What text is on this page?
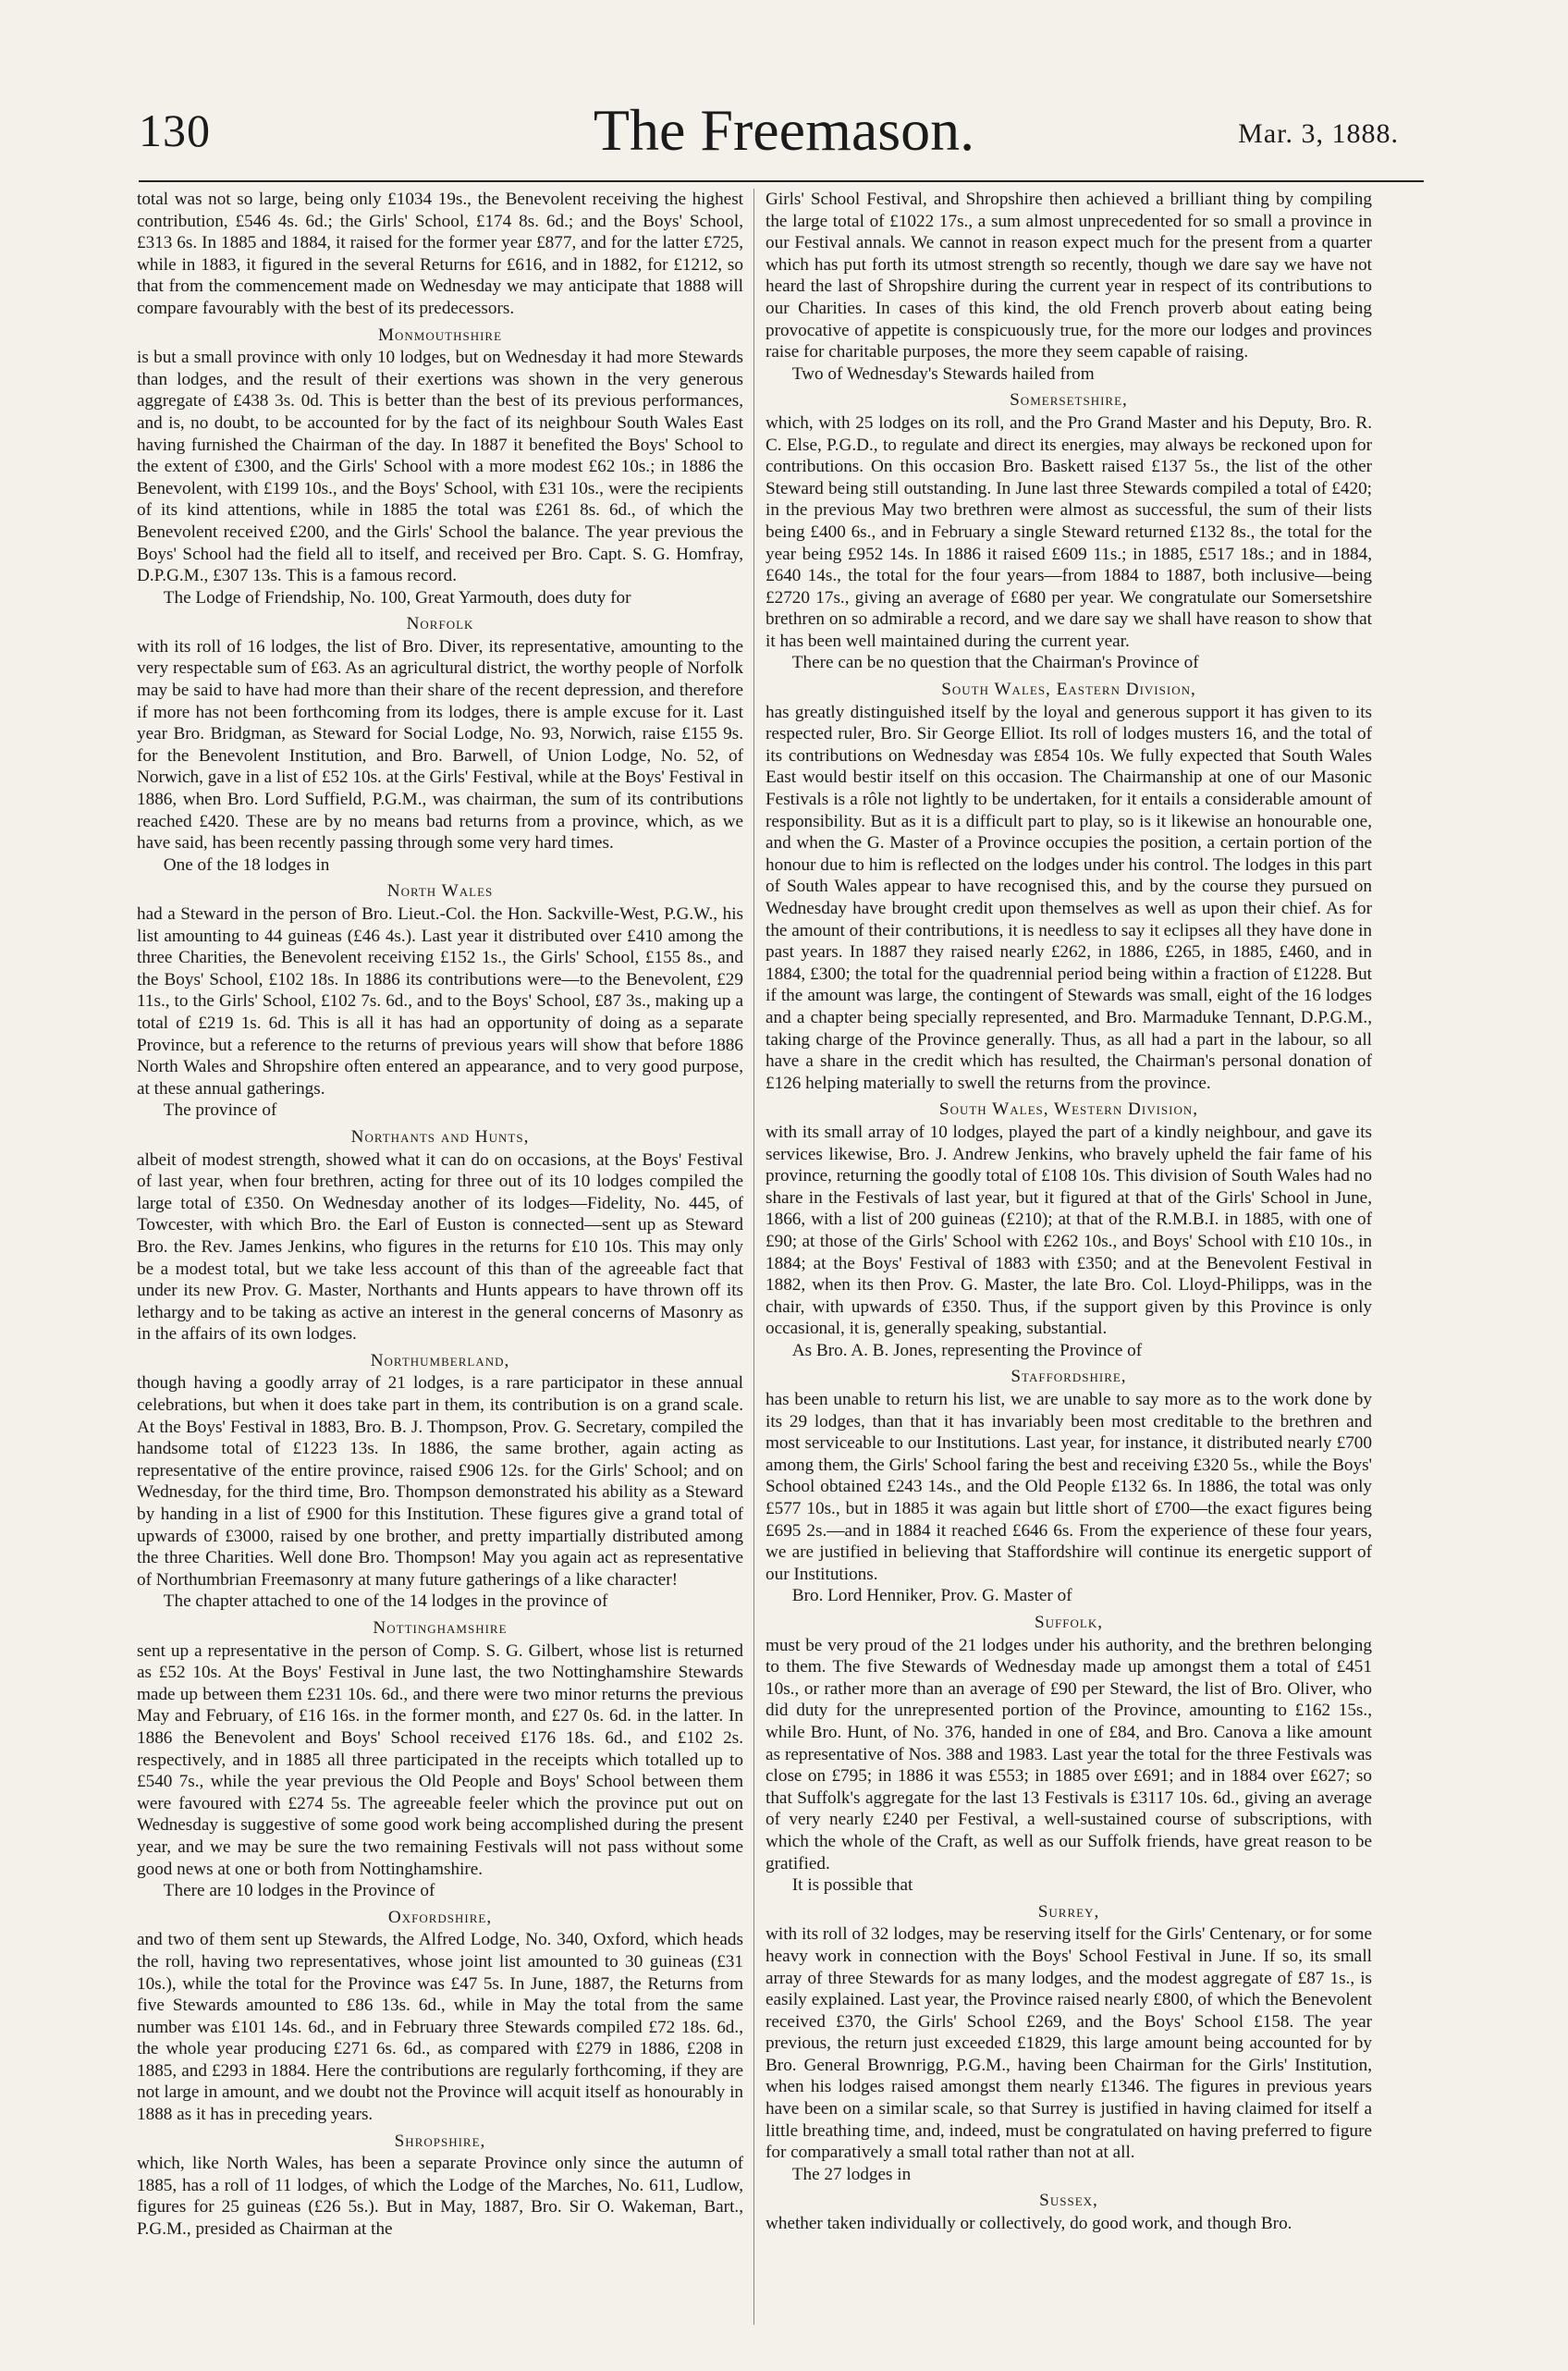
130	The Freemason.	Mar. 3, 1888.

total was not so large, being only £1034 19s., the Benevolent receiving the highest contribution, £546 4s. 6d.; the Girls' School, £174 8s. 6d.; and the Boys' School, £313 6s. In 1885 and 1884, it raised for the former year £877, and for the latter £725, while in 1883, it figured in the several Returns for £616, and in 1882, for £1212, so that from the commencement made on Wednesday we may anticipate that 1888 will compare favourably with the best of its predecessors.

Monmouthshire

is but a small province with only 10 lodges, but on Wednesday it had more Stewards than lodges, and the result of their exertions was shown in the very generous aggregate of £438 3s. 0d. This is better than the best of its previous performances, and is, no doubt, to be accounted for by the fact of its neighbour South Wales East having furnished the Chairman of the day. In 1887 it benefited the Boys' School to the extent of £300, and the Girls' School with a more modest £62 10s.; in 1886 the Benevolent, with £199 10s., and the Boys' School, with £31 10s., were the recipients of its kind attentions, while in 1885 the total was £261 8s. 6d., of which the Benevolent received £200, and the Girls' School the balance. The year previous the Boys' School had the field all to itself, and received per Bro. Capt. S. G. Homfray, D.P.G.M., £307 13s. This is a famous record.

The Lodge of Friendship, No. 100, Great Yarmouth, does duty for

Norfolk

with its roll of 16 lodges, the list of Bro. Diver, its representative, amounting to the very respectable sum of £63. As an agricultural district, the worthy people of Norfolk may be said to have had more than their share of the recent depression, and therefore if more has not been forthcoming from its lodges, there is ample excuse for it. Last year Bro. Bridgman, as Steward for Social Lodge, No. 93, Norwich, raise £155 9s. for the Benevolent Institution, and Bro. Barwell, of Union Lodge, No. 52, of Norwich, gave in a list of £52 10s. at the Girls' Festival, while at the Boys' Festival in 1886, when Bro. Lord Suffield, P.G.M., was chairman, the sum of its contributions reached £420. These are by no means bad returns from a province, which, as we have said, has been recently passing through some very hard times.

One of the 18 lodges in

North Wales

had a Steward in the person of Bro. Lieut.-Col. the Hon. Sackville-West, P.G.W., his list amounting to 44 guineas (£46 4s.). Last year it distributed over £410 among the three Charities, the Benevolent receiving £152 1s., the Girls' School, £155 8s., and the Boys' School, £102 18s. In 1886 its contributions were—to the Benevolent, £29 11s., to the Girls' School, £102 7s. 6d., and to the Boys' School, £87 3s., making up a total of £219 1s. 6d. This is all it has had an opportunity of doing as a separate Province, but a reference to the returns of previous years will show that before 1886 North Wales and Shropshire often entered an appearance, and to very good purpose, at these annual gatherings.

The province of

Northants and Hunts,

albeit of modest strength, showed what it can do on occasions, at the Boys' Festival of last year, when four brethren, acting for three out of its 10 lodges compiled the large total of £350. On Wednesday another of its lodges—Fidelity, No. 445, of Towcester, with which Bro. the Earl of Euston is connected—sent up as Steward Bro. the Rev. James Jenkins, who figures in the returns for £10 10s. This may only be a modest total, but we take less account of this than of the agreeable fact that under its new Prov. G. Master, Northants and Hunts appears to have thrown off its lethargy and to be taking as active an interest in the general concerns of Masonry as in the affairs of its own lodges.

Northumberland,

though having a goodly array of 21 lodges, is a rare participator in these annual celebrations, but when it does take part in them, its contribution is on a grand scale. At the Boys' Festival in 1883, Bro. B. J. Thompson, Prov. G. Secretary, compiled the handsome total of £1223 13s. In 1886, the same brother, again acting as representative of the entire province, raised £906 12s. for the Girls' School; and on Wednesday, for the third time, Bro. Thompson demonstrated his ability as a Steward by handing in a list of £900 for this Institution. These figures give a grand total of upwards of £3000, raised by one brother, and pretty impartially distributed among the three Charities. Well done Bro. Thompson! May you again act as representative of Northumbrian Freemasonry at many future gatherings of a like character!

The chapter attached to one of the 14 lodges in the province of

Nottinghamshire

sent up a representative in the person of Comp. S. G. Gilbert, whose list is returned as £52 10s. At the Boys' Festival in June last, the two Nottinghamshire Stewards made up between them £231 10s. 6d., and there were two minor returns the previous May and February, of £16 16s. in the former month, and £27 0s. 6d. in the latter. In 1886 the Benevolent and Boys' School received £176 18s. 6d., and £102 2s. respectively, and in 1885 all three participated in the receipts which totalled up to £540 7s., while the year previous the Old People and Boys' School between them were favoured with £274 5s. The agreeable feeler which the province put out on Wednesday is suggestive of some good work being accomplished during the present year, and we may be sure the two remaining Festivals will not pass without some good news at one or both from Nottinghamshire.

There are 10 lodges in the Province of

Oxfordshire,

and two of them sent up Stewards, the Alfred Lodge, No. 340, Oxford, which heads the roll, having two representatives, whose joint list amounted to 30 guineas (£31 10s.), while the total for the Province was £47 5s. In June, 1887, the Returns from five Stewards amounted to £86 13s. 6d., while in May the total from the same number was £101 14s. 6d., and in February three Stewards compiled £72 18s. 6d., the whole year producing £271 6s. 6d., as compared with £279 in 1886, £208 in 1885, and £293 in 1884. Here the contributions are regularly forthcoming, if they are not large in amount, and we doubt not the Province will acquit itself as honourably in 1888 as it has in preceding years.

Shropshire,

which, like North Wales, has been a separate Province only since the autumn of 1885, has a roll of 11 lodges, of which the Lodge of the Marches, No. 611, Ludlow, figures for 25 guineas (£26 5s.). But in May, 1887, Bro. Sir O. Wakeman, Bart., P.G.M., presided as Chairman at the

Girls' School Festival, and Shropshire then achieved a brilliant thing by compiling the large total of £1022 17s., a sum almost unprecedented for so small a province in our Festival annals. We cannot in reason expect much for the present from a quarter which has put forth its utmost strength so recently, though we dare say we have not heard the last of Shropshire during the current year in respect of its contributions to our Charities. In cases of this kind, the old French proverb about eating being provocative of appetite is conspicuously true, for the more our lodges and provinces raise for charitable purposes, the more they seem capable of raising.

Two of Wednesday's Stewards hailed from

Somersetshire,

which, with 25 lodges on its roll, and the Pro Grand Master and his Deputy, Bro. R. C. Else, P.G.D., to regulate and direct its energies, may always be reckoned upon for contributions. On this occasion Bro. Baskett raised £137 5s., the list of the other Steward being still outstanding. In June last three Stewards compiled a total of £420; in the previous May two brethren were almost as successful, the sum of their lists being £400 6s., and in February a single Steward returned £132 8s., the total for the year being £952 14s. In 1886 it raised £609 11s.; in 1885, £517 18s.; and in 1884, £640 14s., the total for the four years—from 1884 to 1887, both inclusive—being £2720 17s., giving an average of £680 per year. We congratulate our Somersetshire brethren on so admirable a record, and we dare say we shall have reason to show that it has been well maintained during the current year.

There can be no question that the Chairman's Province of

South Wales, Eastern Division,

has greatly distinguished itself by the loyal and generous support it has given to its respected ruler, Bro. Sir George Elliot. Its roll of lodges musters 16, and the total of its contributions on Wednesday was £854 10s. We fully expected that South Wales East would bestir itself on this occasion. The Chairmanship at one of our Masonic Festivals is a rôle not lightly to be undertaken, for it entails a considerable amount of responsibility. But as it is a difficult part to play, so is it likewise an honourable one, and when the G. Master of a Province occupies the position, a certain portion of the honour due to him is reflected on the lodges under his control. The lodges in this part of South Wales appear to have recognised this, and by the course they pursued on Wednesday have brought credit upon themselves as well as upon their chief. As for the amount of their contributions, it is needless to say it eclipses all they have done in past years. In 1887 they raised nearly £262, in 1886, £265, in 1885, £460, and in 1884, £300; the total for the quadrennial period being within a fraction of £1228. But if the amount was large, the contingent of Stewards was small, eight of the 16 lodges and a chapter being specially represented, and Bro. Marmaduke Tennant, D.P.G.M., taking charge of the Province generally. Thus, as all had a part in the labour, so all have a share in the credit which has resulted, the Chairman's personal donation of £126 helping materially to swell the returns from the province.

South Wales, Western Division,

with its small array of 10 lodges, played the part of a kindly neighbour, and gave its services likewise, Bro. J. Andrew Jenkins, who bravely upheld the fair fame of his province, returning the goodly total of £108 10s. This division of South Wales had no share in the Festivals of last year, but it figured at that of the Girls' School in June, 1866, with a list of 200 guineas (£210); at that of the R.M.B.I. in 1885, with one of £90; at those of the Girls' School with £262 10s., and Boys' School with £10 10s., in 1884; at the Boys' Festival of 1883 with £350; and at the Benevolent Festival in 1882, when its then Prov. G. Master, the late Bro. Col. Lloyd-Philipps, was in the chair, with upwards of £350. Thus, if the support given by this Province is only occasional, it is, generally speaking, substantial.

As Bro. A. B. Jones, representing the Province of

Staffordshire,

has been unable to return his list, we are unable to say more as to the work done by its 29 lodges, than that it has invariably been most creditable to the brethren and most serviceable to our Institutions. Last year, for instance, it distributed nearly £700 among them, the Girls' School faring the best and receiving £320 5s., while the Boys' School obtained £243 14s., and the Old People £132 6s. In 1886, the total was only £577 10s., but in 1885 it was again but little short of £700—the exact figures being £695 2s.—and in 1884 it reached £646 6s. From the experience of these four years, we are justified in believing that Staffordshire will continue its energetic support of our Institutions.

Bro. Lord Henniker, Prov. G. Master of

Suffolk,

must be very proud of the 21 lodges under his authority, and the brethren belonging to them. The five Stewards of Wednesday made up amongst them a total of £451 10s., or rather more than an average of £90 per Steward, the list of Bro. Oliver, who did duty for the unrepresented portion of the Province, amounting to £162 15s., while Bro. Hunt, of No. 376, handed in one of £84, and Bro. Canova a like amount as representative of Nos. 388 and 1983. Last year the total for the three Festivals was close on £795; in 1886 it was £553; in 1885 over £691; and in 1884 over £627; so that Suffolk's aggregate for the last 13 Festivals is £3117 10s. 6d., giving an average of very nearly £240 per Festival, a well-sustained course of subscriptions, with which the whole of the Craft, as well as our Suffolk friends, have great reason to be gratified.

It is possible that

Surrey,

with its roll of 32 lodges, may be reserving itself for the Girls' Centenary, or for some heavy work in connection with the Boys' School Festival in June. If so, its small array of three Stewards for as many lodges, and the modest aggregate of £87 1s., is easily explained. Last year, the Province raised nearly £800, of which the Benevolent received £370, the Girls' School £269, and the Boys' School £158. The year previous, the return just exceeded £1829, this large amount being accounted for by Bro. General Brownrigg, P.G.M., having been Chairman for the Girls' Institution, when his lodges raised amongst them nearly £1346. The figures in previous years have been on a similar scale, so that Surrey is justified in having claimed for itself a little breathing time, and, indeed, must be congratulated on having preferred to figure for comparatively a small total rather than not at all.

The 27 lodges in

Sussex,

whether taken individually or collectively, do good work, and though Bro.
